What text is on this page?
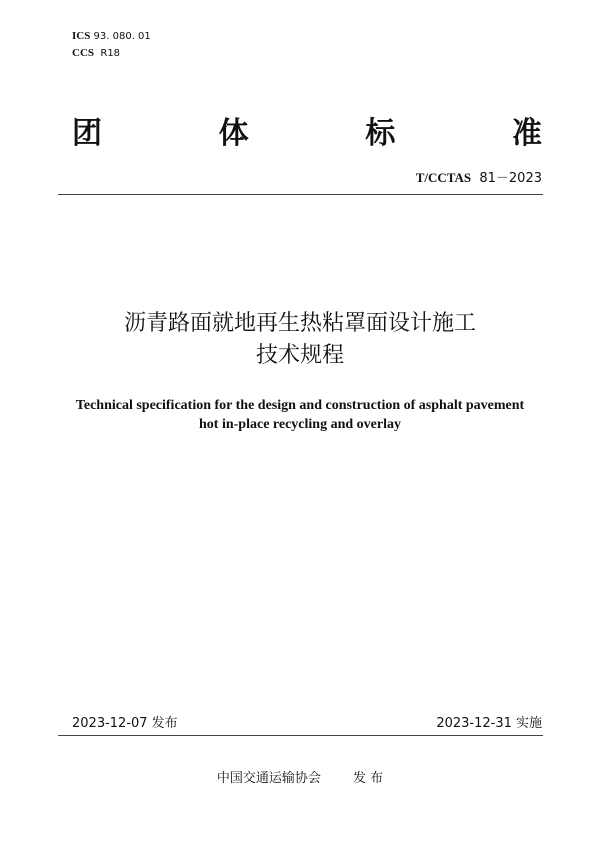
ICS 93. 080. 01
CCS R18
团	体	标	准
T/CCTAS 81－2023
沥青路面就地再生热粘罩面设计施工
技术规程
Technical specification for the design and construction of asphalt pavement
hot in-place recycling and overlay
2023-12-07 发布	2023-12-31 实施
中国交通运输协会 发 布
